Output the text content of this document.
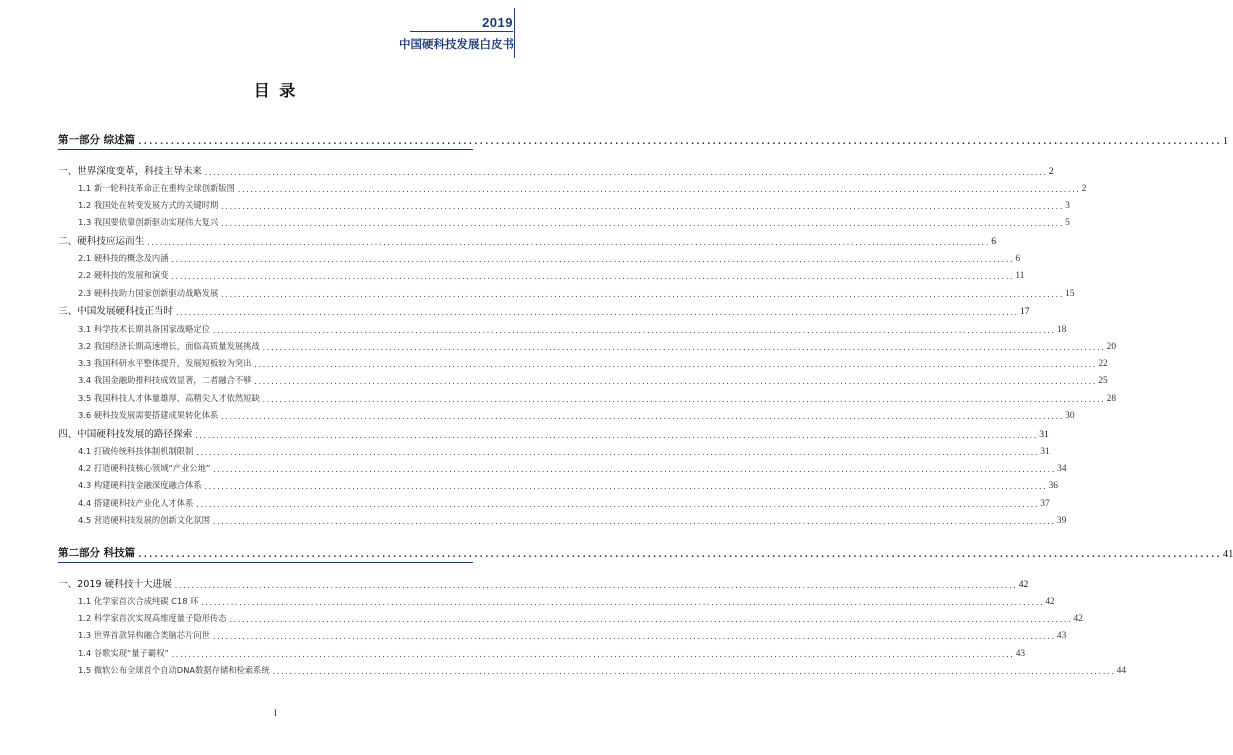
2019
中国硬科技发展白皮书
目 录
第一部分 综述篇 ........................................................................................................................................................................................................ 1
一、世界深度变革，科技主导未来 ........................................................................................................................................................................................................ 2
1.1 新一轮科技革命正在重构全球创新版图 ........................................................................................................................................................................................................ 2
1.2 我国处在转变发展方式的关键时期 ........................................................................................................................................................................................................ 3
1.3 我国要依靠创新驱动实现伟大复兴 ........................................................................................................................................................................................................ 5
二、硬科技应运而生 ........................................................................................................................................................................................................ 6
2.1 硬科技的概念及内涵 ........................................................................................................................................................................................................ 6
2.2 硬科技的发展和演变 ........................................................................................................................................................................................................ 11
2.3 硬科技助力国家创新驱动战略发展 ........................................................................................................................................................................................................ 15
三、中国发展硬科技正当时 ........................................................................................................................................................................................................ 17
3.1 科学技术长期具备国家战略定位 ........................................................................................................................................................................................................ 18
3.2 我国经济长期高速增长，面临高质量发展挑战 ........................................................................................................................................................................................................ 20
3.3 我国科研水平整体提升，发展短板较为突出 ........................................................................................................................................................................................................ 22
3.4 我国金融助推科技成效显著，二者融合不够 ........................................................................................................................................................................................................ 25
3.5 我国科技人才体量雄厚，高精尖人才依然短缺 ........................................................................................................................................................................................................ 28
3.6 硬科技发展需要搭建成果转化体系 ........................................................................................................................................................................................................ 30
四、中国硬科技发展的路径探索 ........................................................................................................................................................................................................ 31
4.1 打破传统科技体制机制限制 ........................................................................................................................................................................................................ 31
4.2 打造硬科技核心领域“产业公地” ........................................................................................................................................................................................................ 34
4.3 构建硬科技金融深度融合体系 ........................................................................................................................................................................................................ 36
4.4 搭建硬科技产业化人才体系 ........................................................................................................................................................................................................ 37
4.5 营造硬科技发展的创新文化氛围 ........................................................................................................................................................................................................ 39
第二部分 科技篇 ........................................................................................................................................................................................................ 41
一、2019 硬科技十大进展 ........................................................................................................................................................................................................ 42
1.1 化学家首次合成纯碳 C18 环 ........................................................................................................................................................................................................ 42
1.2 科学家首次实现高维度量子隐形传态 ........................................................................................................................................................................................................ 42
1.3 世界首款异构融合类脑芯片问世 ........................................................................................................................................................................................................ 43
1.4 谷歌实现“量子霸权” ........................................................................................................................................................................................................ 43
1.5 微软公布全球首个自动DNA数据存储和检索系统 ........................................................................................................................................................................................................ 44
I
